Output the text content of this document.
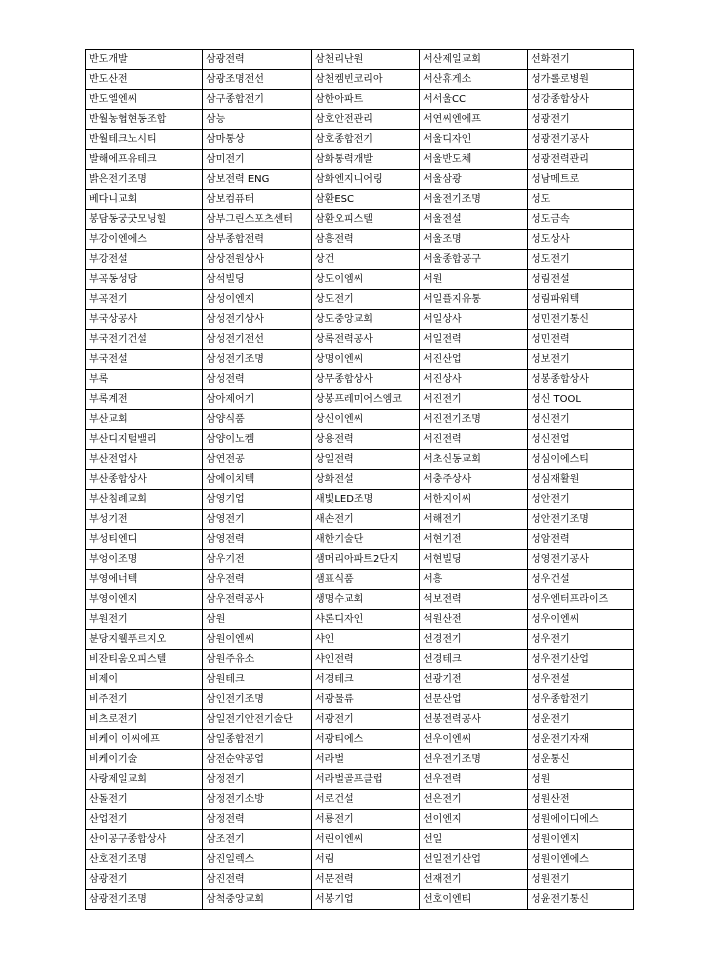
반도개발	삼광전력	삼천리난원	서산제일교회	선화전기
반도산전	삼광조명전선	삼천켐빈코리아	서산휴게소	성가롤로병원
반도엘엔씨	삼구종합전기	삼한아파트	서서울CC	성강종합상사
반월농협현동조합	삼능	삼호안전관리	서연씨엔에프	성광전기
반월테크노시티	삼마통상	삼호종합전기	서울디자인	성광전기공사
발해에프유테크	삼미전기	삼화통력개발	서울반도체	성광전력관리
밝은전기조명	삼보전력 ENG	삼화엔지니어링	서울삼광	성남메트로
베다니교회	삼보컴퓨터	삼환ESC	서울전기조명	성도
봉담동궁굿모닝힐	삼부그린스포츠센터	삼환오피스텔	서울전설	성도금속
부강이엔에스	삼부종합전력	삼흥전력	서울조명	성도상사
부강전설	삼상전원상사	상건	서울종합공구	성도전기
부곡동성당	삼석빌딩	상도이엠씨	서원	성림전설
부곡전기	삼성이엔지	상도전기	서일플지유통	성림파워텍
부국상공사	삼성전기상사	상도중앙교회	서일상사	성민전기통신
부국전기건설	삼성전기전선	상록전력공사	서일전력	성민전력
부국전설	삼성전기조명	상명이엔씨	서진산업	성보전기
부록	삼성전력	상무종합상사	서진상사	성봉종합상사
부록계전	삼아제어기	상봉프레미어스엠코	서진전기	성신 TOOL
부산교회	삼양식품	상신이엔씨	서진전기조명	성신전기
부산디지털밸리	삼양이노켐	상용전력	서진전력	성신전업
부산전업사	삼연전공	상일전력	서초신동교회	성심이에스티
부산종합상사	삼에이치텍	상화전설	서충주상사	성심재활원
부산침례교회	삼영기업	새빛LED조명	서한지이씨	성안전기
부성기전	삼영전기	새손전기	서해전기	성안전기조명
부성티엔디	삼영전력	새한기술단	서현기전	성암전력
부엉이조명	삼우기전	샘머리아파트2단지	서현빌딩	성영전기공사
부영에너텍	삼우전력	샘표식품	서흥	성우건설
부영이엔지	삼우전력공사	생명수교회	석보전력	성우엔터프라이즈
부원전기	삼원	샤론디자인	석원산전	성우이엔씨
분당지웰푸르지오	삼원이엔씨	샤인	선경전기	성우전기
비잔티움오피스텔	삼원주유소	샤인전력	선경테크	성우전기산업
비제이	삼원테크	서경테크	선광기전	성우전설
비주전기	삼인전기조명	서광물류	선문산업	성우종합전기
비츠로전기	삼일전기안전기술단	서광전기	선봉전력공사	성운전기
비케이 이씨에프	삼일종합전기	서광티에스	선우이엔씨	성운전기자재
비케이기술	삼전순약공업	서라벌	선우전기조명	성운통신
사랑제일교회	삼정전기	서라벌골프클럽	선우전력	성원
산돌전기	삼정전기소방	서로건설	선은전기	성원산전
산업전기	삼정전력	서룡전기	선이엔지	성원에이디에스
산이공구종합상사	삼조전기	서린이엔씨	선일	성원이엔지
산호전기조명	삼진일렉스	서림	선일전기산업	성원이엔에스
삼광전기	삼진전력	서문전력	선재전기	성원전기
삼광전기조명	삼척중앙교회	서봉기업	선호이엔티	성윤전기통신
